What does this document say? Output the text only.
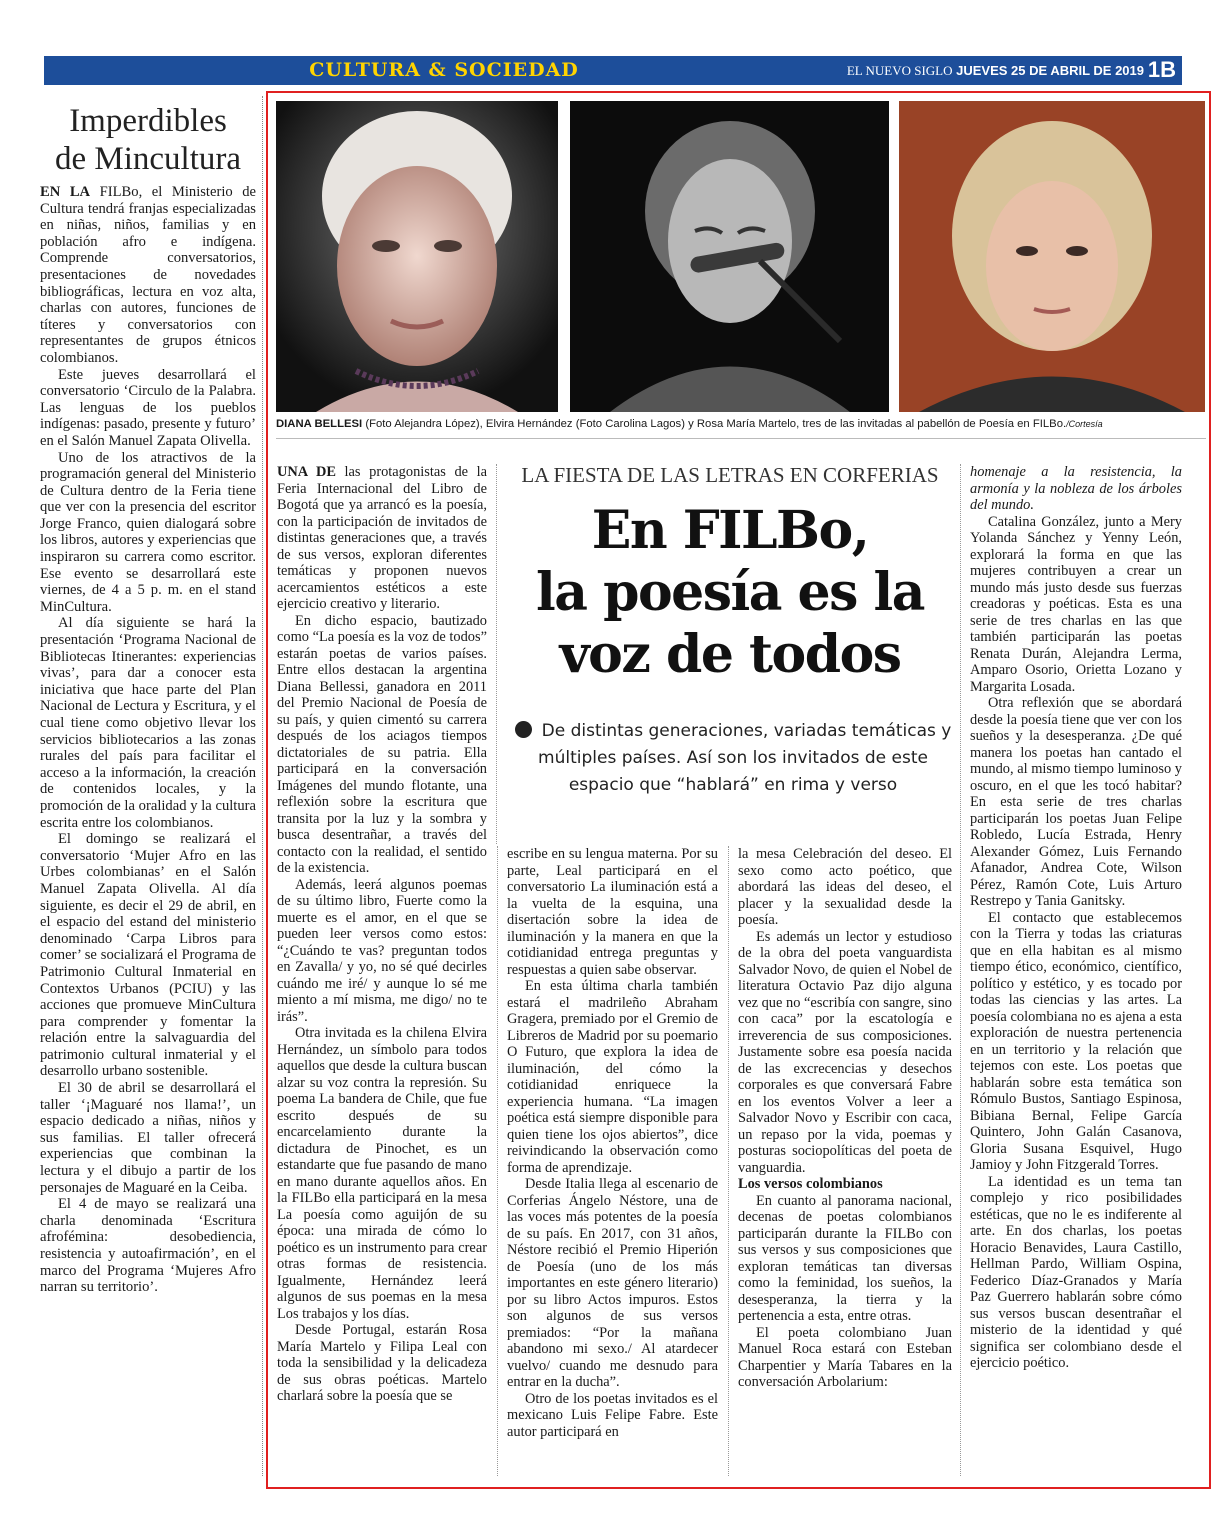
CULTURA & SOCIEDAD	EL NUEVO SIGLO JUEVES 25 DE ABRIL DE 2019 1B
Imperdibles
de Mincultura

EN LA FILBo, el Ministerio de Cultura tendrá franjas especializadas en niñas, niños, familias y en población afro e indígena. Comprende conversatorios, presentaciones de novedades bibliográficas, lectura en voz alta, charlas con autores, funciones de títeres y conversatorios con representantes de grupos étnicos colombianos.

Este jueves desarrollará el conversatorio ‘Circulo de la Palabra. Las lenguas de los pueblos indígenas: pasado, presente y futuro’ en el Salón Manuel Zapata Olivella.

Uno de los atractivos de la programación general del Ministerio de Cultura dentro de la Feria tiene que ver con la presencia del escritor Jorge Franco, quien dialogará sobre los libros, autores y experiencias que inspiraron su carrera como escritor. Ese evento se desarrollará este viernes, de 4 a 5 p. m. en el stand MinCultura.

Al día siguiente se hará la presentación ‘Programa Nacional de Bibliotecas Itinerantes: experiencias vivas’, para dar a conocer esta iniciativa que hace parte del Plan Nacional de Lectura y Escritura, y el cual tiene como objetivo llevar los servicios bibliotecarios a las zonas rurales del país para facilitar el acceso a la información, la creación de contenidos locales, y la promoción de la oralidad y la cultura escrita entre los colombianos.

El domingo se realizará el conversatorio ‘Mujer Afro en las Urbes colombianas’ en el Salón Manuel Zapata Olivella. Al día siguiente, es decir el 29 de abril, en el espacio del estand del ministerio denominado ‘Carpa Libros para comer’ se socializará el Programa de Patrimonio Cultural Inmaterial en Contextos Urbanos (PCIU) y las acciones que promueve MinCultura para comprender y fomentar la relación entre la salvaguardia del patrimonio cultural inmaterial y el desarrollo urbano sostenible.

El 30 de abril se desarrollará el taller ‘¡Maguaré nos llama!’, un espacio dedicado a niñas, niños y sus familias. El taller ofrecerá experiencias que combinan la lectura y el dibujo a partir de los personajes de Maguaré en la Ceiba.

El 4 de mayo se realizará una charla denominada ‘Escritura afrofémina: desobediencia, resistencia y autoafirmación’, en el marco del Programa ‘Mujeres Afro narran su territorio’.

DIANA BELLESI (Foto Alejandra López), Elvira Hernández (Foto Carolina Lagos) y Rosa María Martelo, tres de las invitadas al pabellón de Poesía en FILBo./Cortesía
LA FIESTA DE LAS LETRAS EN CORFERIAS
En FILBo,
la poesía es la
voz de todos
De distintas generaciones, variadas temáticas y múltiples países. Así son los invitados de este espacio que “hablará” en rima y verso

UNA DE las protagonistas de la Feria Internacional del Libro de Bogotá que ya arrancó es la poesía, con la participación de invitados de distintas generaciones que, a través de sus versos, exploran diferentes temáticas y proponen nuevos acercamientos estéticos a este ejercicio creativo y literario.

En dicho espacio, bautizado como “La poesía es la voz de todos” estarán poetas de varios países. Entre ellos destacan la argentina Diana Bellessi, ganadora en 2011 del Premio Nacional de Poesía de su país, y quien cimentó su carrera después de los aciagos tiempos dictatoriales de su patria. Ella participará en la conversación Imágenes del mundo flotante, una reflexión sobre la escritura que transita por la luz y la sombra y busca desentrañar, a través del contacto con la realidad, el sentido de la existencia.

Además, leerá algunos poemas de su último libro, Fuerte como la muerte es el amor, en el que se pueden leer versos como estos: “¿Cuándo te vas? preguntan todos en Zavalla/ y yo, no sé qué decirles cuándo me iré/ y aunque lo sé me miento a mí misma, me digo/ no te irás”.

Otra invitada es la chilena Elvira Hernández, un símbolo para todos aquellos que desde la cultura buscan alzar su voz contra la represión. Su poema La bandera de Chile, que fue escrito después de su encarcelamiento durante la dictadura de Pinochet, es un estandarte que fue pasando de mano en mano durante aquellos años. En la FILBo ella participará en la mesa La poesía como aguijón de su época: una mirada de cómo lo poético es un instrumento para crear otras formas de resistencia. Igualmente, Hernández leerá algunos de sus poemas en la mesa Los trabajos y los días.

Desde Portugal, estarán Rosa María Martelo y Filipa Leal con toda la sensibilidad y la delicadeza de sus obras poéticas. Martelo charlará sobre la poesía que se

escribe en su lengua materna. Por su parte, Leal participará en el conversatorio La iluminación está a la vuelta de la esquina, una disertación sobre la idea de iluminación y la manera en que la cotidianidad entrega preguntas y respuestas a quien sabe observar.

En esta última charla también estará el madrileño Abraham Gragera, premiado por el Gremio de Libreros de Madrid por su poemario O Futuro, que explora la idea de iluminación, del cómo la cotidianidad enriquece la experiencia humana. “La imagen poética está siempre disponible para quien tiene los ojos abiertos”, dice reivindicando la observación como forma de aprendizaje.

Desde Italia llega al escenario de Corferias Ángelo Néstore, una de las voces más potentes de la poesía de su país. En 2017, con 31 años, Néstore recibió el Premio Hiperión de Poesía (uno de los más importantes en este género literario) por su libro Actos impuros. Estos son algunos de sus versos premiados: “Por la mañana abandono mi sexo./ Al atardecer vuelvo/ cuando me desnudo para entrar en la ducha”.

Otro de los poetas invitados es el mexicano Luis Felipe Fabre. Este autor participará en

la mesa Celebración del deseo. El sexo como acto poético, que abordará las ideas del deseo, el placer y la sexualidad desde la poesía.

Es además un lector y estudioso de la obra del poeta vanguardista Salvador Novo, de quien el Nobel de literatura Octavio Paz dijo alguna vez que no “escribía con sangre, sino con caca” por la escatología e irreverencia de sus composiciones. Justamente sobre esa poesía nacida de las excrecencias y desechos corporales es que conversará Fabre en los eventos Volver a leer a Salvador Novo y Escribir con caca, un repaso por la vida, poemas y posturas sociopolíticas del poeta de vanguardia.

Los versos colombianos

En cuanto al panorama nacional, decenas de poetas colombianos participarán durante la FILBo con sus versos y sus composiciones que exploran temáticas tan diversas como la feminidad, los sueños, la desesperanza, la tierra y la pertenencia a esta, entre otras.

El poeta colombiano Juan Manuel Roca estará con Esteban Charpentier y María Tabares en la conversación Arbolarium:

homenaje a la resistencia, la armonía y la nobleza de los árboles del mundo.

Catalina González, junto a Mery Yolanda Sánchez y Yenny León, explorará la forma en que las mujeres contribuyen a crear un mundo más justo desde sus fuerzas creadoras y poéticas. Esta es una serie de tres charlas en las que también participarán las poetas Renata Durán, Alejandra Lerma, Amparo Osorio, Orietta Lozano y Margarita Losada.

Otra reflexión que se abordará desde la poesía tiene que ver con los sueños y la desesperanza. ¿De qué manera los poetas han cantado el mundo, al mismo tiempo luminoso y oscuro, en el que les tocó habitar? En esta serie de tres charlas participarán los poetas Juan Felipe Robledo, Lucía Estrada, Henry Alexander Gómez, Luis Fernando Afanador, Andrea Cote, Wilson Pérez, Ramón Cote, Luis Arturo Restrepo y Tania Ganitsky.

El contacto que establecemos con la Tierra y todas las criaturas que en ella habitan es al mismo tiempo ético, económico, científico, político y estético, y es tocado por todas las ciencias y las artes. La poesía colombiana no es ajena a esta exploración de nuestra pertenencia en un territorio y la relación que tejemos con este. Los poetas que hablarán sobre esta temática son Rómulo Bustos, Santiago Espinosa, Bibiana Bernal, Felipe García Quintero, John Galán Casanova, Gloria Susana Esquivel, Hugo Jamioy y John Fitzgerald Torres.

La identidad es un tema tan complejo y rico posibilidades estéticas, que no le es indiferente al arte. En dos charlas, los poetas Horacio Benavides, Laura Castillo, Hellman Pardo, William Ospina, Federico Díaz-Granados y María Paz Guerrero hablarán sobre cómo sus versos buscan desentrañar el misterio de la identidad y qué significa ser colombiano desde el ejercicio poético.
